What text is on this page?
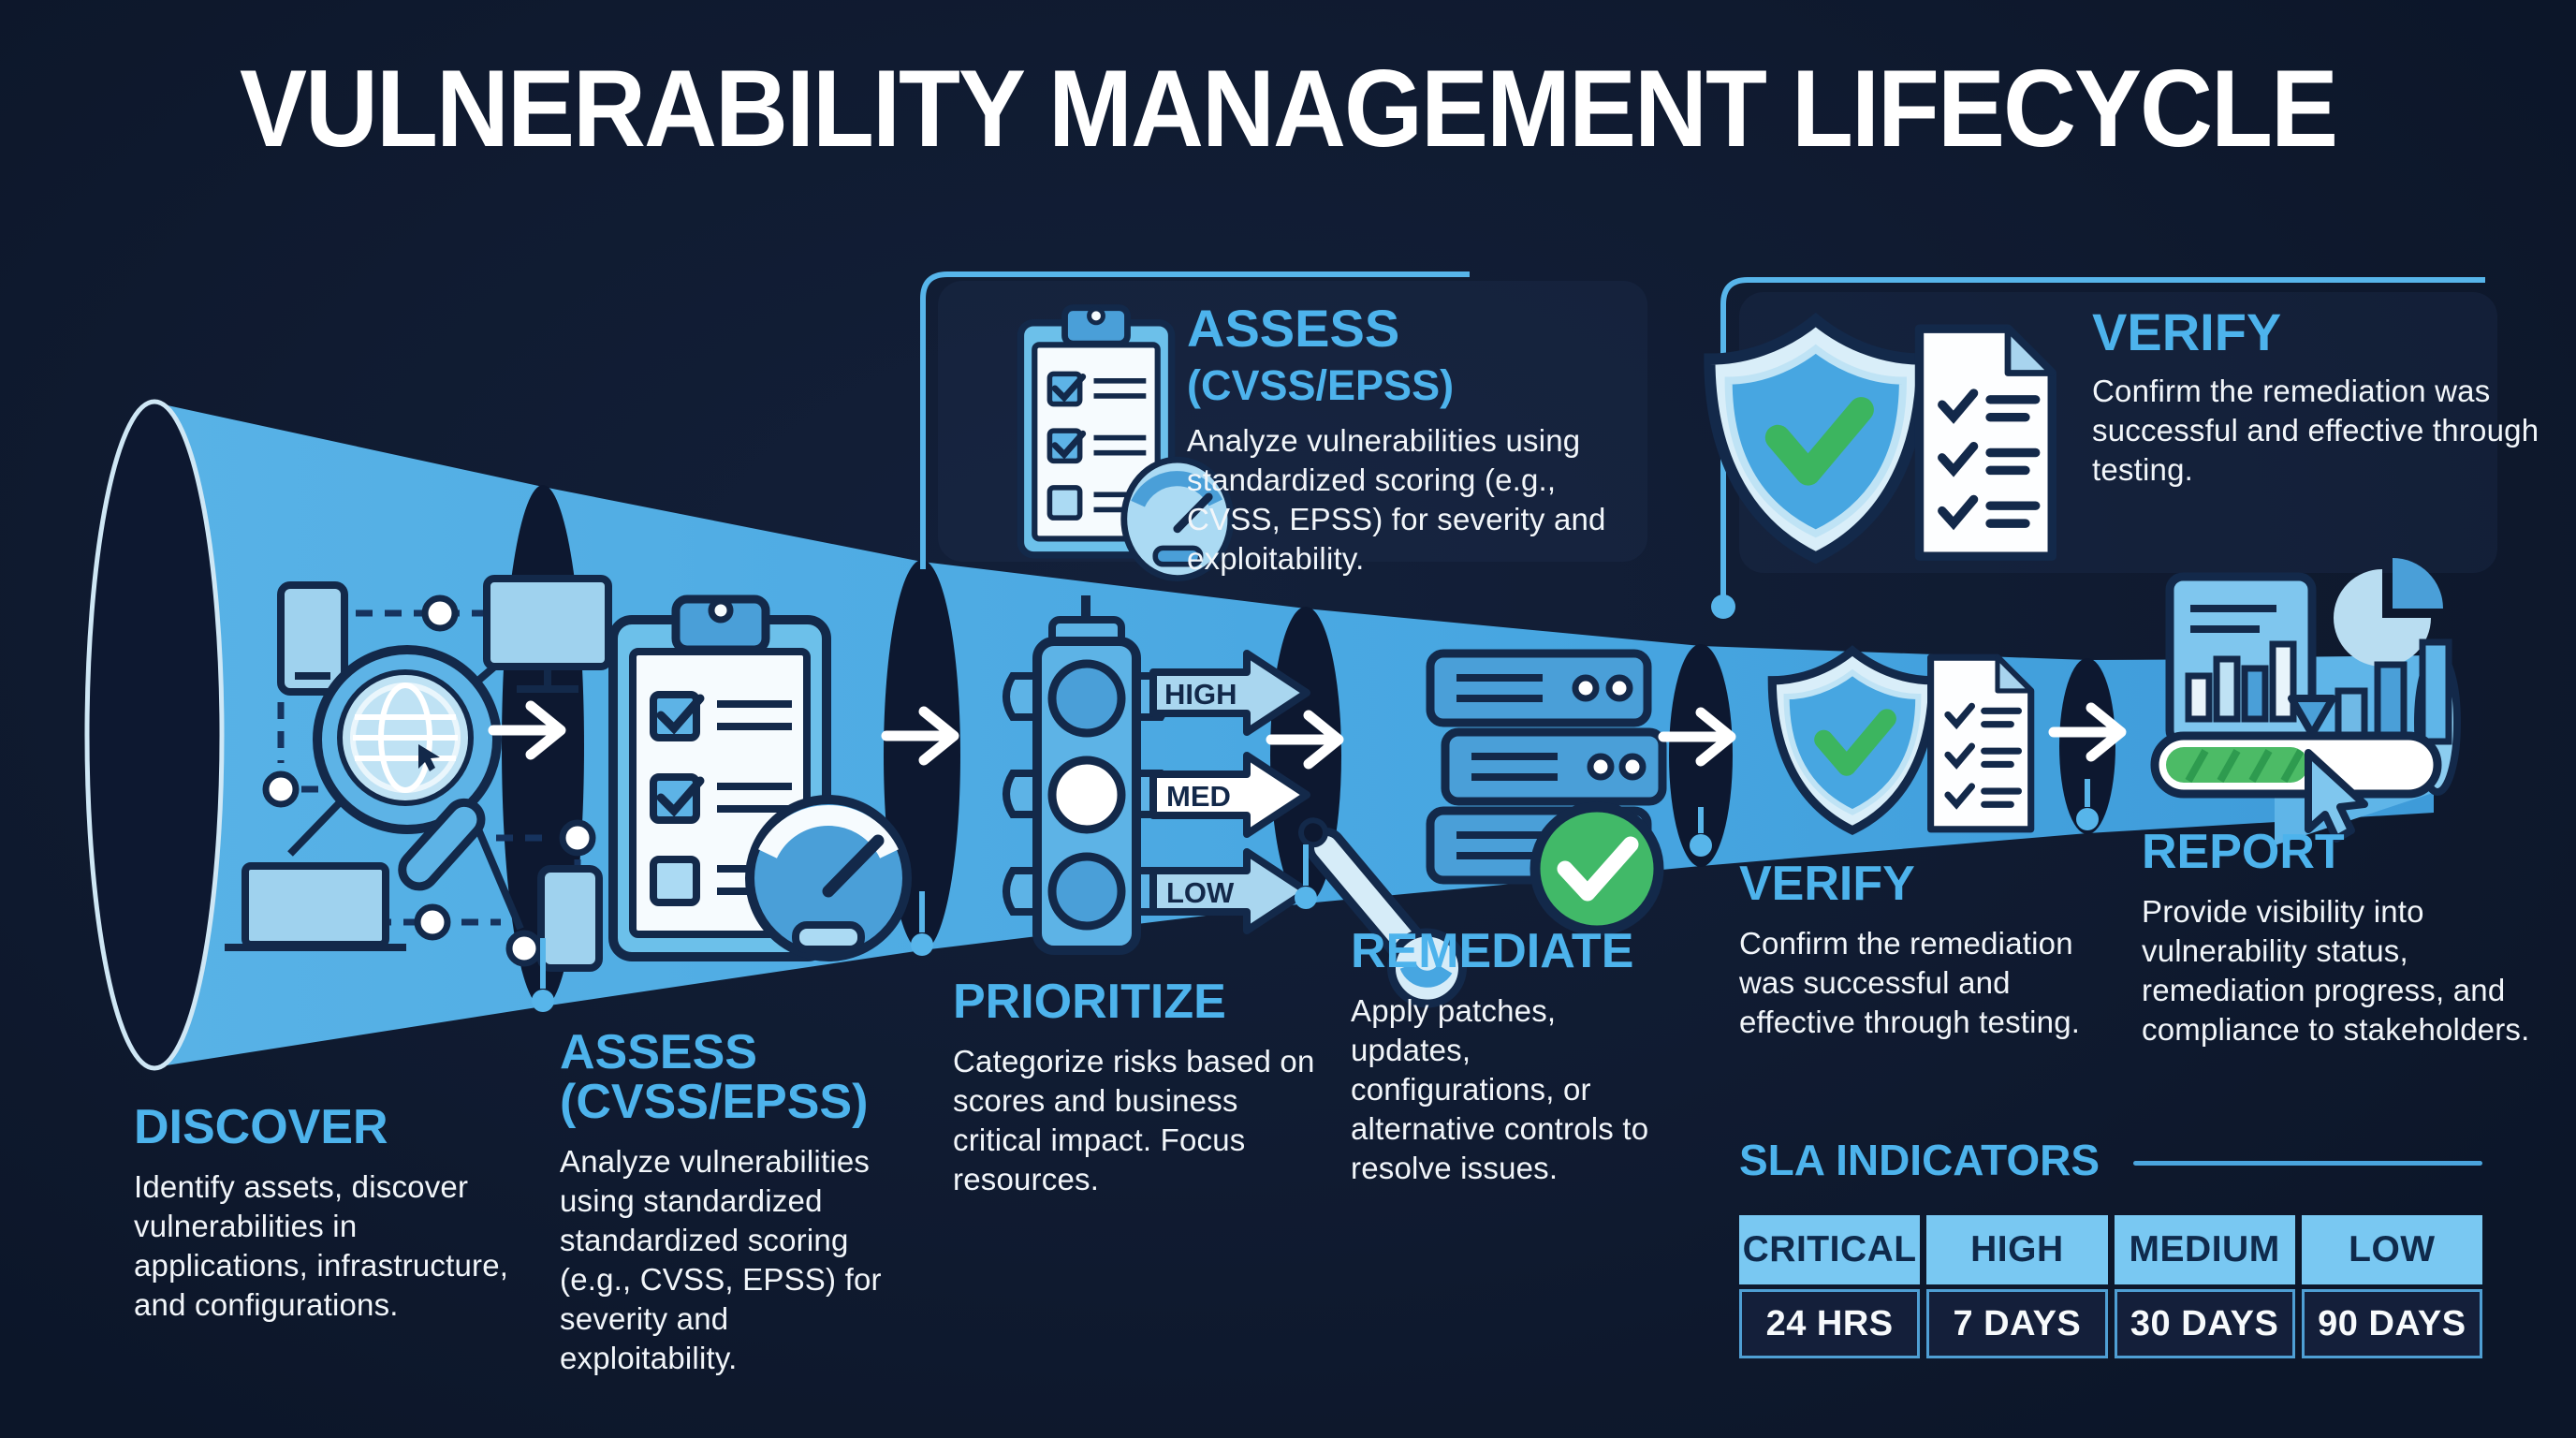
VULNERABILITY MANAGEMENT LIFECYCLE
HIGH
MED
LOW
ASSESS (CVSS/EPSS)
Analyze vulnerabilities using standardized scoring (e.g., CVSS, EPSS) for severity and exploitability.
VERIFY
Confirm the remediation was successful and effective through testing.
DISCOVER
Identify assets, discover vulnerabilities in applications, infrastructure, and configurations.
ASSESS (CVSS/EPSS)
Analyze vulnerabilities using standardized standardized scoring (e.g., CVSS, EPSS) for severity and exploitability.
PRIORITIZE
Categorize risks based on scores and business critical impact. Focus resources.
REMEDIATE
Apply patches, updates, configurations, or alternative controls to resolve issues.
VERIFY
Confirm the remediation was successful and effective through testing.
REPORT
Provide visibility into vulnerability status, remediation progress, and compliance to stakeholders.
SLA INDICATORS
CRITICAL	HIGH	MEDIUM	LOW
24 HRS	7 DAYS	30 DAYS	90 DAYS
